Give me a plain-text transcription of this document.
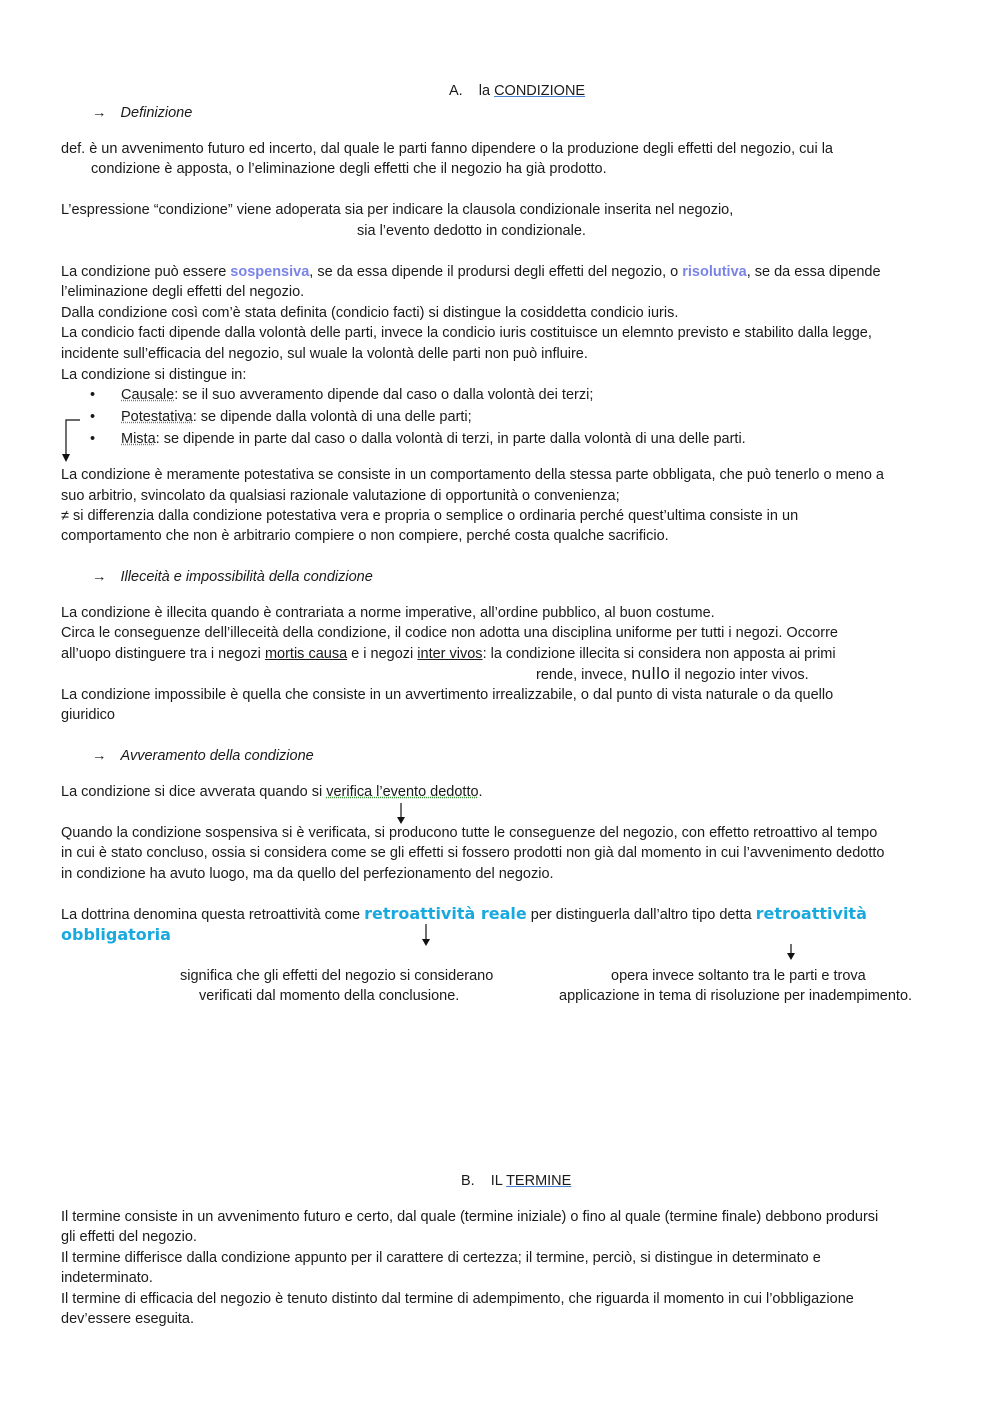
A. la CONDIZIONE
→ Definizione
def. è un avvenimento futuro ed incerto, dal quale le parti fanno dipendere o la produzione degli effetti del negozio, cui la
condizione è apposta, o l’eliminazione degli effetti che il negozio ha già prodotto.
L’espressione “condizione” viene adoperata sia per indicare la clausola condizionale inserita nel negozio,
sia l’evento dedotto in condizionale.
La condizione può essere sospensiva, se da essa dipende il prodursi degli effetti del negozio, o risolutiva, se da essa dipende
l’eliminazione degli effetti del negozio.
Dalla condizione così com’è stata definita (condicio facti) si distingue la cosiddetta condicio iuris.
La condicio facti dipende dalla volontà delle parti, invece la condicio iuris costituisce un elemnto previsto e stabilito dalla legge,
incidente sull’efficacia del negozio, sul wuale la volontà delle parti non può influire.
La condizione si distingue in:
• Causale: se il suo avveramento dipende dal caso o dalla volontà dei terzi;
• Potestativa: se dipende dalla volontà di una delle parti;
• Mista: se dipende in parte dal caso o dalla volontà di terzi, in parte dalla volontà di una delle parti.
La condizione è meramente potestativa se consiste in un comportamento della stessa parte obbligata, che può tenerlo o meno a
suo arbitrio, svincolato da qualsiasi razionale valutazione di opportunità o convenienza;
≠ si differenzia dalla condizione potestativa vera e propria o semplice o ordinaria perché quest’ultima consiste in un
comportamento che non è arbitrario compiere o non compiere, perché costa qualche sacrificio.
→ Illeceità e impossibilità della condizione
La condizione è illecita quando è contrariata a norme imperative, all’ordine pubblico, al buon costume.
Circa le conseguenze dell’illeceità della condizione, il codice non adotta una disciplina uniforme per tutti i negozi. Occorre
all’uopo distinguere tra i negozi mortis causa e i negozi inter vivos: la condizione illecita si considera non apposta ai primi
rende, invece, nullo il negozio inter vivos.
La condizione impossibile è quella che consiste in un avvertimento irrealizzabile, o dal punto di vista naturale o da quello
giuridico
→ Avveramento della condizione
La condizione si dice avverata quando si verifica l’evento dedotto.
Quando la condizione sospensiva si è verificata, si producono tutte le conseguenze del negozio, con effetto retroattivo al tempo
in cui è stato concluso, ossia si considera come se gli effetti si fossero prodotti non già dal momento in cui l’avvenimento dedotto
in condizione ha avuto luogo, ma da quello del perfezionamento del negozio.
La dottrina denomina questa retroattività come retroattività reale per distinguerla dall’altro tipo detta retroattività
obbligatoria
significa che gli effetti del negozio si considerano
verificati dal momento della conclusione.
opera invece soltanto tra le parti e trova
applicazione in tema di risoluzione per inadempimento.
B. IL TERMINE
Il termine consiste in un avvenimento futuro e certo, dal quale (termine iniziale) o fino al quale (termine finale) debbono prodursi
gli effetti del negozio.
Il termine differisce dalla condizione appunto per il carattere di certezza; il termine, perciò, si distingue in determinato e
indeterminato.
Il termine di efficacia del negozio è tenuto distinto dal termine di adempimento, che riguarda il momento in cui l’obbligazione
dev’essere eseguita.
